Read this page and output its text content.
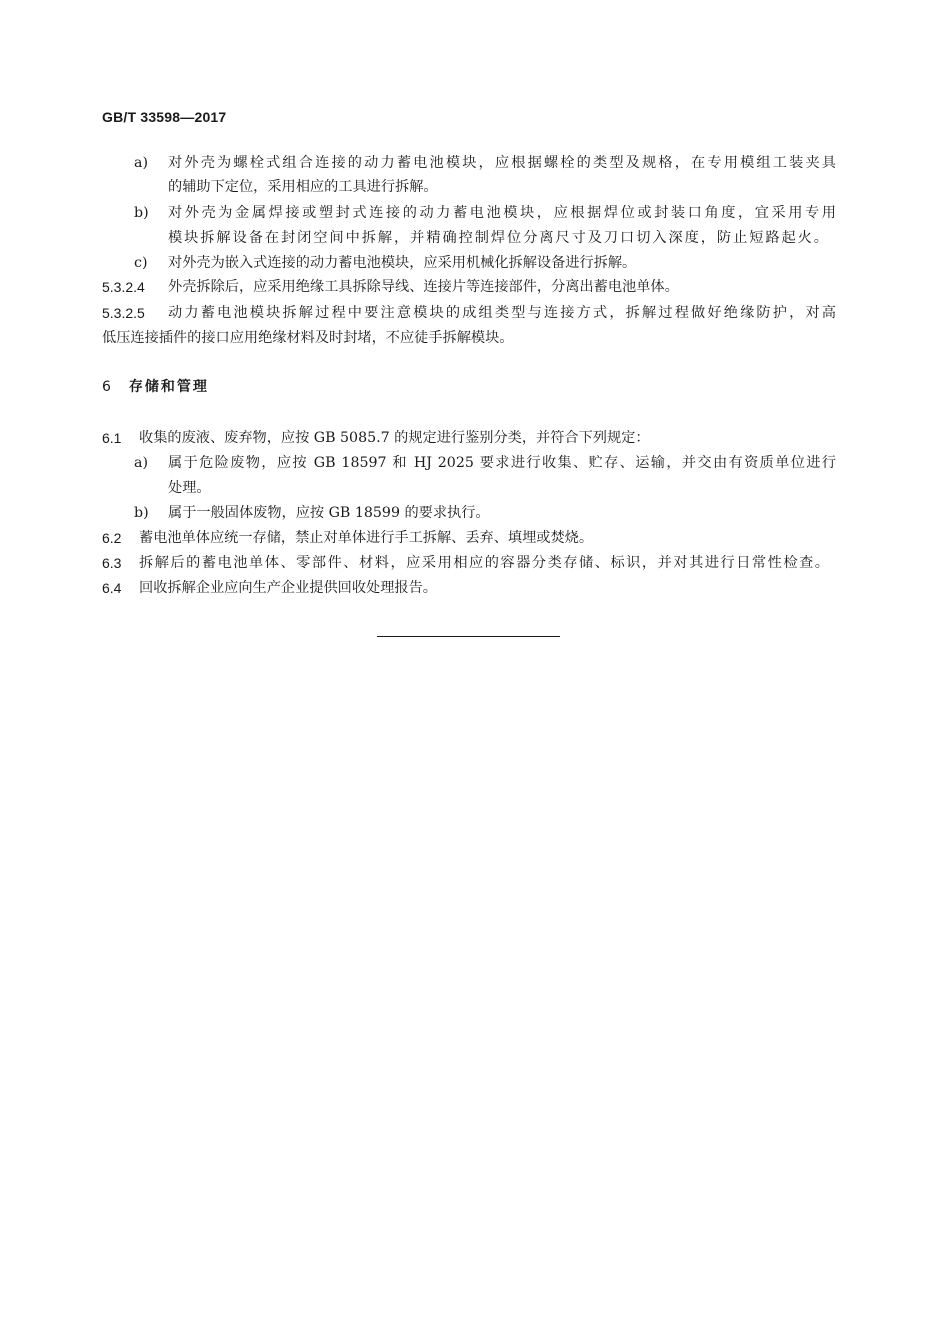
GB/T 33598—2017
a) 对外壳为螺栓式组合连接的动力蓄电池模块，应根据螺栓的类型及规格，在专用模组工装夹具
的辅助下定位，采用相应的工具进行拆解。
b) 对外壳为金属焊接或塑封式连接的动力蓄电池模块，应根据焊位或封装口角度，宜采用专用
模块拆解设备在封闭空间中拆解，并精确控制焊位分离尺寸及刀口切入深度，防止短路起火。
c) 对外壳为嵌入式连接的动力蓄电池模块，应采用机械化拆解设备进行拆解。
5.3.2.4 外壳拆除后，应采用绝缘工具拆除导线、连接片等连接部件，分离出蓄电池单体。
5.3.2.5 动力蓄电池模块拆解过程中要注意模块的成组类型与连接方式，拆解过程做好绝缘防护，对高
低压连接插件的接口应用绝缘材料及时封堵，不应徒手拆解模块。
6 存储和管理
6.1 收集的废液、废弃物，应按 GB 5085.7 的规定进行鉴别分类，并符合下列规定：
a) 属于危险废物，应按 GB 18597 和 HJ 2025 要求进行收集、贮存、运输，并交由有资质单位进行
处理。
b) 属于一般固体废物，应按 GB 18599 的要求执行。
6.2 蓄电池单体应统一存储，禁止对单体进行手工拆解、丢弃、填埋或焚烧。
6.3 拆解后的蓄电池单体、零部件、材料，应采用相应的容器分类存储、标识，并对其进行日常性检查。
6.4 回收拆解企业应向生产企业提供回收处理报告。
